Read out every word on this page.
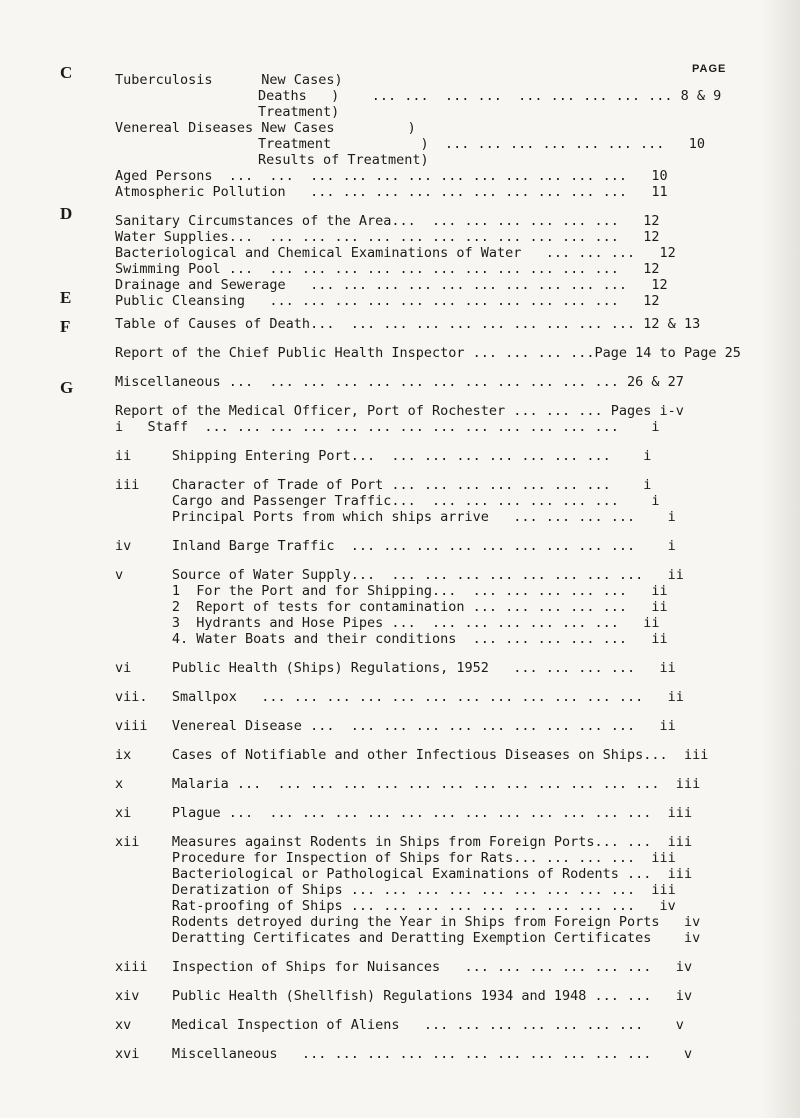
PAGE
C
D
E
F
G
Tuberculosis      New Cases)
Deaths   )    ... ...  ... ...  ... ... ... ... ... 8 & 9
Treatment)
Venereal Diseases New Cases         )
Treatment           )  ... ... ... ... ... ... ...   10
Results of Treatment)
Aged Persons  ...  ...  ... ... ... ... ... ... ... ... ... ...   10
Atmospheric Pollution   ... ... ... ... ... ... ... ... ... ...   11
Sanitary Circumstances of the Area...  ... ... ... ... ... ...   12
Water Supplies...  ... ... ... ... ... ... ... ... ... ... ...   12
Bacteriological and Chemical Examinations of Water   ... ... ...   12
Swimming Pool ...  ... ... ... ... ... ... ... ... ... ... ...   12
Drainage and Sewerage   ... ... ... ... ... ... ... ... ... ...   12
Public Cleansing   ... ... ... ... ... ... ... ... ... ... ...   12
Table of Causes of Death...  ... ... ... ... ... ... ... ... ... 12 & 13
Report of the Chief Public Health Inspector ... ... ... ...Page 14 to Page 25
Miscellaneous ...  ... ... ... ... ... ... ... ... ... ... ... 26 & 27
Report of the Medical Officer, Port of Rochester ... ... ... Pages i-v
i   Staff  ... ... ... ... ... ... ... ... ... ... ... ... ...    i
ii     Shipping Entering Port...  ... ... ... ... ... ... ...    i
iii    Character of Trade of Port ... ... ... ... ... ... ...    i
Cargo and Passenger Traffic...  ... ... ... ... ... ...    i
Principal Ports from which ships arrive   ... ... ... ...    i
iv     Inland Barge Traffic  ... ... ... ... ... ... ... ... ...    i
v      Source of Water Supply...  ... ... ... ... ... ... ... ...   ii
1  For the Port and for Shipping...  ... ... ... ... ...   ii
2  Report of tests for contamination ... ... ... ... ...   ii
3  Hydrants and Hose Pipes ...  ... ... ... ... ... ...   ii
4. Water Boats and their conditions  ... ... ... ... ...   ii
vi     Public Health (Ships) Regulations, 1952   ... ... ... ...   ii
vii.   Smallpox   ... ... ... ... ... ... ... ... ... ... ... ...   ii
viii   Venereal Disease ...  ... ... ... ... ... ... ... ... ...   ii
ix     Cases of Notifiable and other Infectious Diseases on Ships...  iii
x      Malaria ...  ... ... ... ... ... ... ... ... ... ... ... ...  iii
xi     Plague ...  ... ... ... ... ... ... ... ... ... ... ... ...  iii
xii    Measures against Rodents in Ships from Foreign Ports... ...  iii
Procedure for Inspection of Ships for Rats... ... ... ...  iii
Bacteriological or Pathological Examinations of Rodents ...  iii
Deratization of Ships ... ... ... ... ... ... ... ... ...  iii
Rat-proofing of Ships ... ... ... ... ... ... ... ... ...   iv
Rodents detroyed during the Year in Ships from Foreign Ports   iv
Deratting Certificates and Deratting Exemption Certificates    iv
xiii   Inspection of Ships for Nuisances   ... ... ... ... ... ...   iv
xiv    Public Health (Shellfish) Regulations 1934 and 1948 ... ...   iv
xv     Medical Inspection of Aliens   ... ... ... ... ... ... ...    v
xvi    Miscellaneous   ... ... ... ... ... ... ... ... ... ... ...    v
